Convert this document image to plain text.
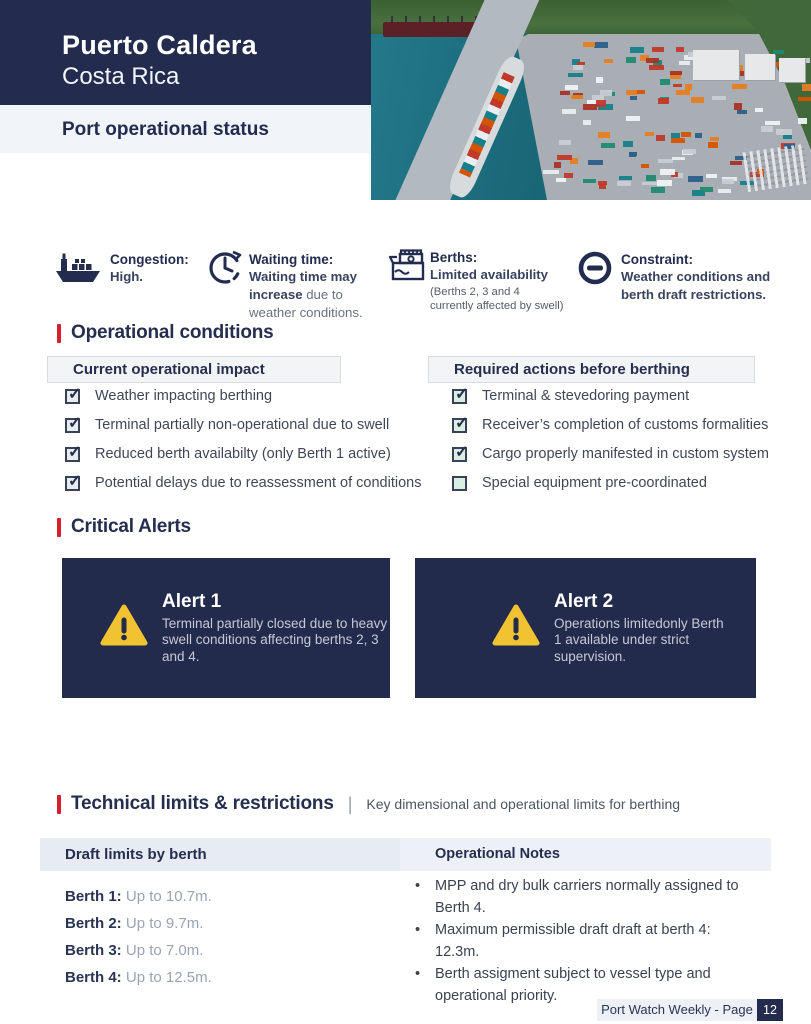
Puerto Caldera
Costa Rica
Port operational status
Congestion:
High.
Waiting time:
Waiting time may increase due to weather conditions.
Berths:
Limited availability
(Berths 2, 3 and 4 currently affected by swell)
Constraint:
Weather conditions and berth draft restrictions.
Operational conditions
Current operational impact	Required actions before berthing
✓ Weather impacting berthing
✓ Terminal partially non-operational due to swell
✓ Reduced berth availabilty (only Berth 1 active)
✓ Potential delays due to reassessment of conditions
✓ Terminal & stevedoring payment
✓ Receiver’s completion of customs formalities
✓ Cargo properly manifested in custom system
Special equipment pre-coordinated
Critical Alerts
Alert 1
Terminal partially closed due to heavy swell conditions affecting berths 2, 3 and 4.
Alert 2
Operations limitedonly Berth 1 available under strict supervision.
Technical limits & restrictions | Key dimensional and operational limits for berthing
Draft limits by berth	Operational Notes
Berth 1: Up to 10.7m.
Berth 2: Up to 9.7m.
Berth 3: Up to 7.0m.
Berth 4: Up to 12.5m.
• MPP and dry bulk carriers normally assigned to Berth 4.
• Maximum permissible draft draft at berth 4: 12.3m.
• Berth assigment subject to vessel type and operational priority.
Port Watch Weekly - Page 12
